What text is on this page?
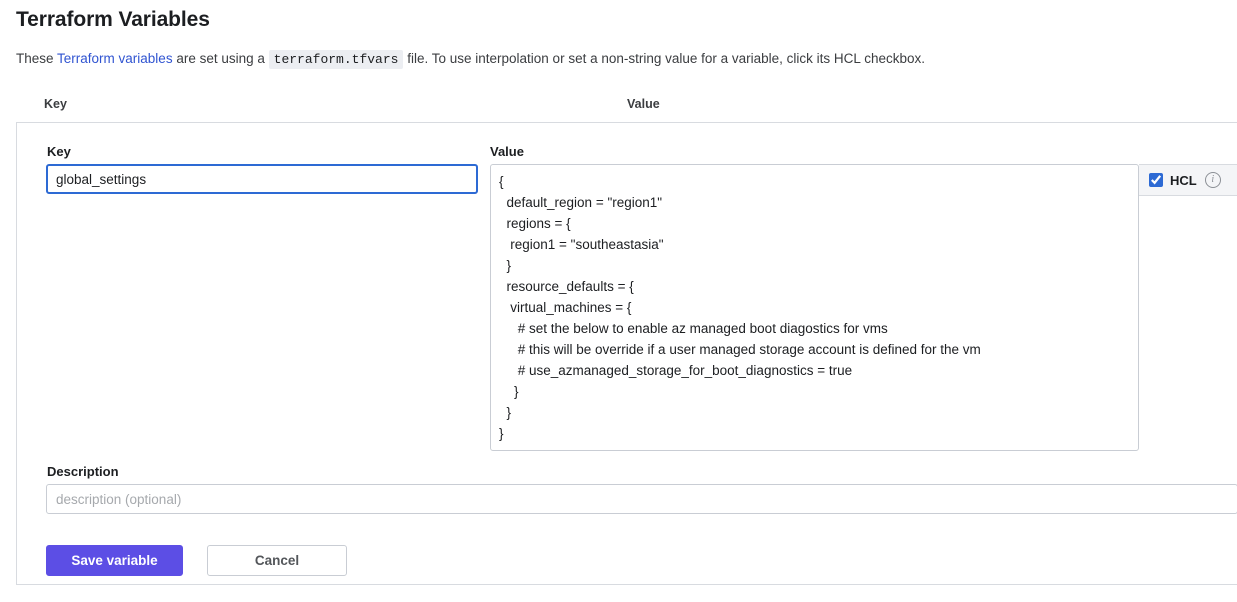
Terraform Variables
These Terraform variables are set using a terraform.tfvars file. To use interpolation or set a non-string value for a variable, click its HCL checkbox.
Key	Value
Key
global_settings	Value
{ default_region = "region1" regions = { region1 = "southeastasia" } resource_defaults = { virtual_machines = { # set the below to enable az managed boot diagostics for vms # this will be override if a user managed storage account is defined for the vm # use_azmanaged_storage_for_boot_diagnostics = true } } }
HCL	i
Description
description (optional)
Save variable	Cancel
